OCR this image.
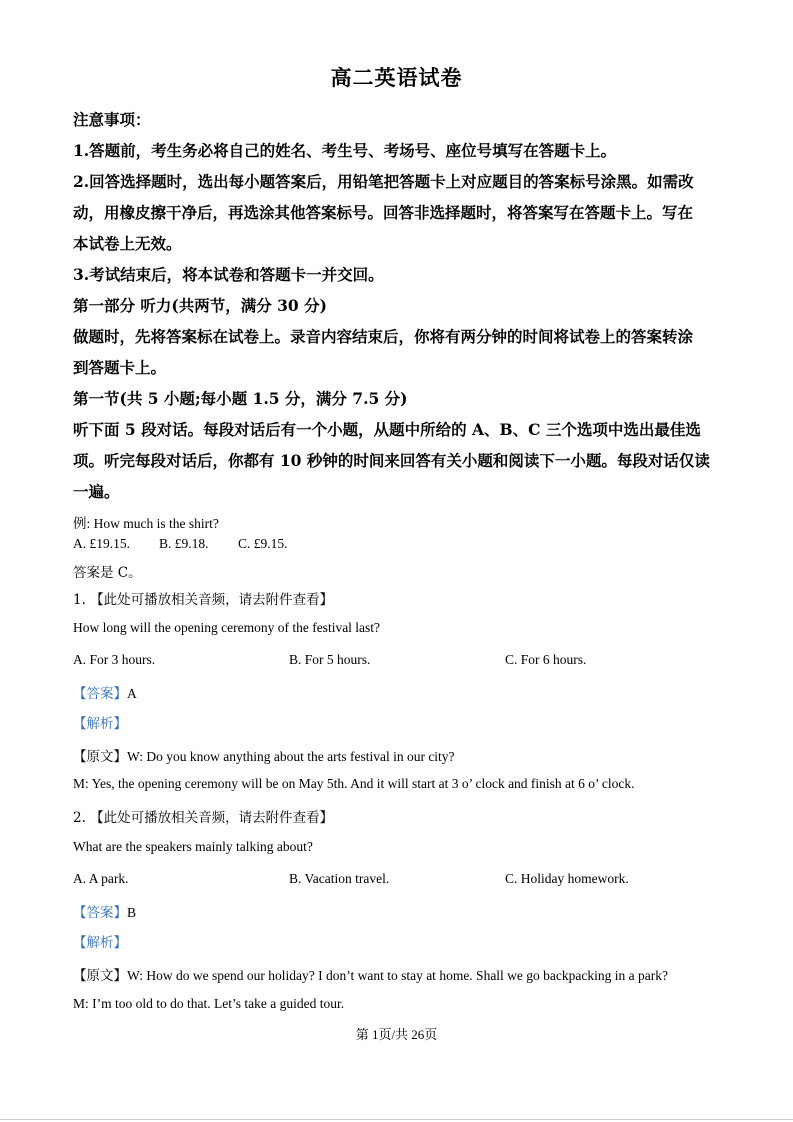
高二英语试卷
注意事项：
1.答题前，考生务必将自己的姓名、考生号、考场号、座位号填写在答题卡上。
2.回答选择题时，选出每小题答案后，用铅笔把答题卡上对应题目的答案标号涂黑。如需改
动，用橡皮擦干净后，再选涂其他答案标号。回答非选择题时，将答案写在答题卡上。写在
本试卷上无效。
3.考试结束后，将本试卷和答题卡一并交回。
第一部分 听力(共两节，满分 30 分)
做题时，先将答案标在试卷上。录音内容结束后，你将有两分钟的时间将试卷上的答案转涂
到答题卡上。
第一节(共 5 小题;每小题 1.5 分，满分 7.5 分)
听下面 5 段对话。每段对话后有一个小题，从题中所给的 A、B、C 三个选项中选出最佳选
项。听完每段对话后，你都有 10 秒钟的时间来回答有关小题和阅读下一小题。每段对话仅读
一遍。
例: How much is the shirt?
A. £19.15. B. £9.18. C. £9.15.
答案是 C。
1. 【此处可播放相关音频，请去附件查看】
How long will the opening ceremony of the festival last?
A. For 3 hours.	B. For 5 hours.	C. For 6 hours.
【答案】A
【解析】
【原文】W: Do you know anything about the arts festival in our city?
M: Yes, the opening ceremony will be on May 5th. And it will start at 3 o’ clock and finish at 6 o’ clock.
2. 【此处可播放相关音频，请去附件查看】
What are the speakers mainly talking about?
A. A park.	B. Vacation travel.	C. Holiday homework.
【答案】B
【解析】
【原文】W: How do we spend our holiday? I don’t want to stay at home. Shall we go backpacking in a park?
M: I’m too old to do that. Let’s take a guided tour.
第 1页/共 26页
